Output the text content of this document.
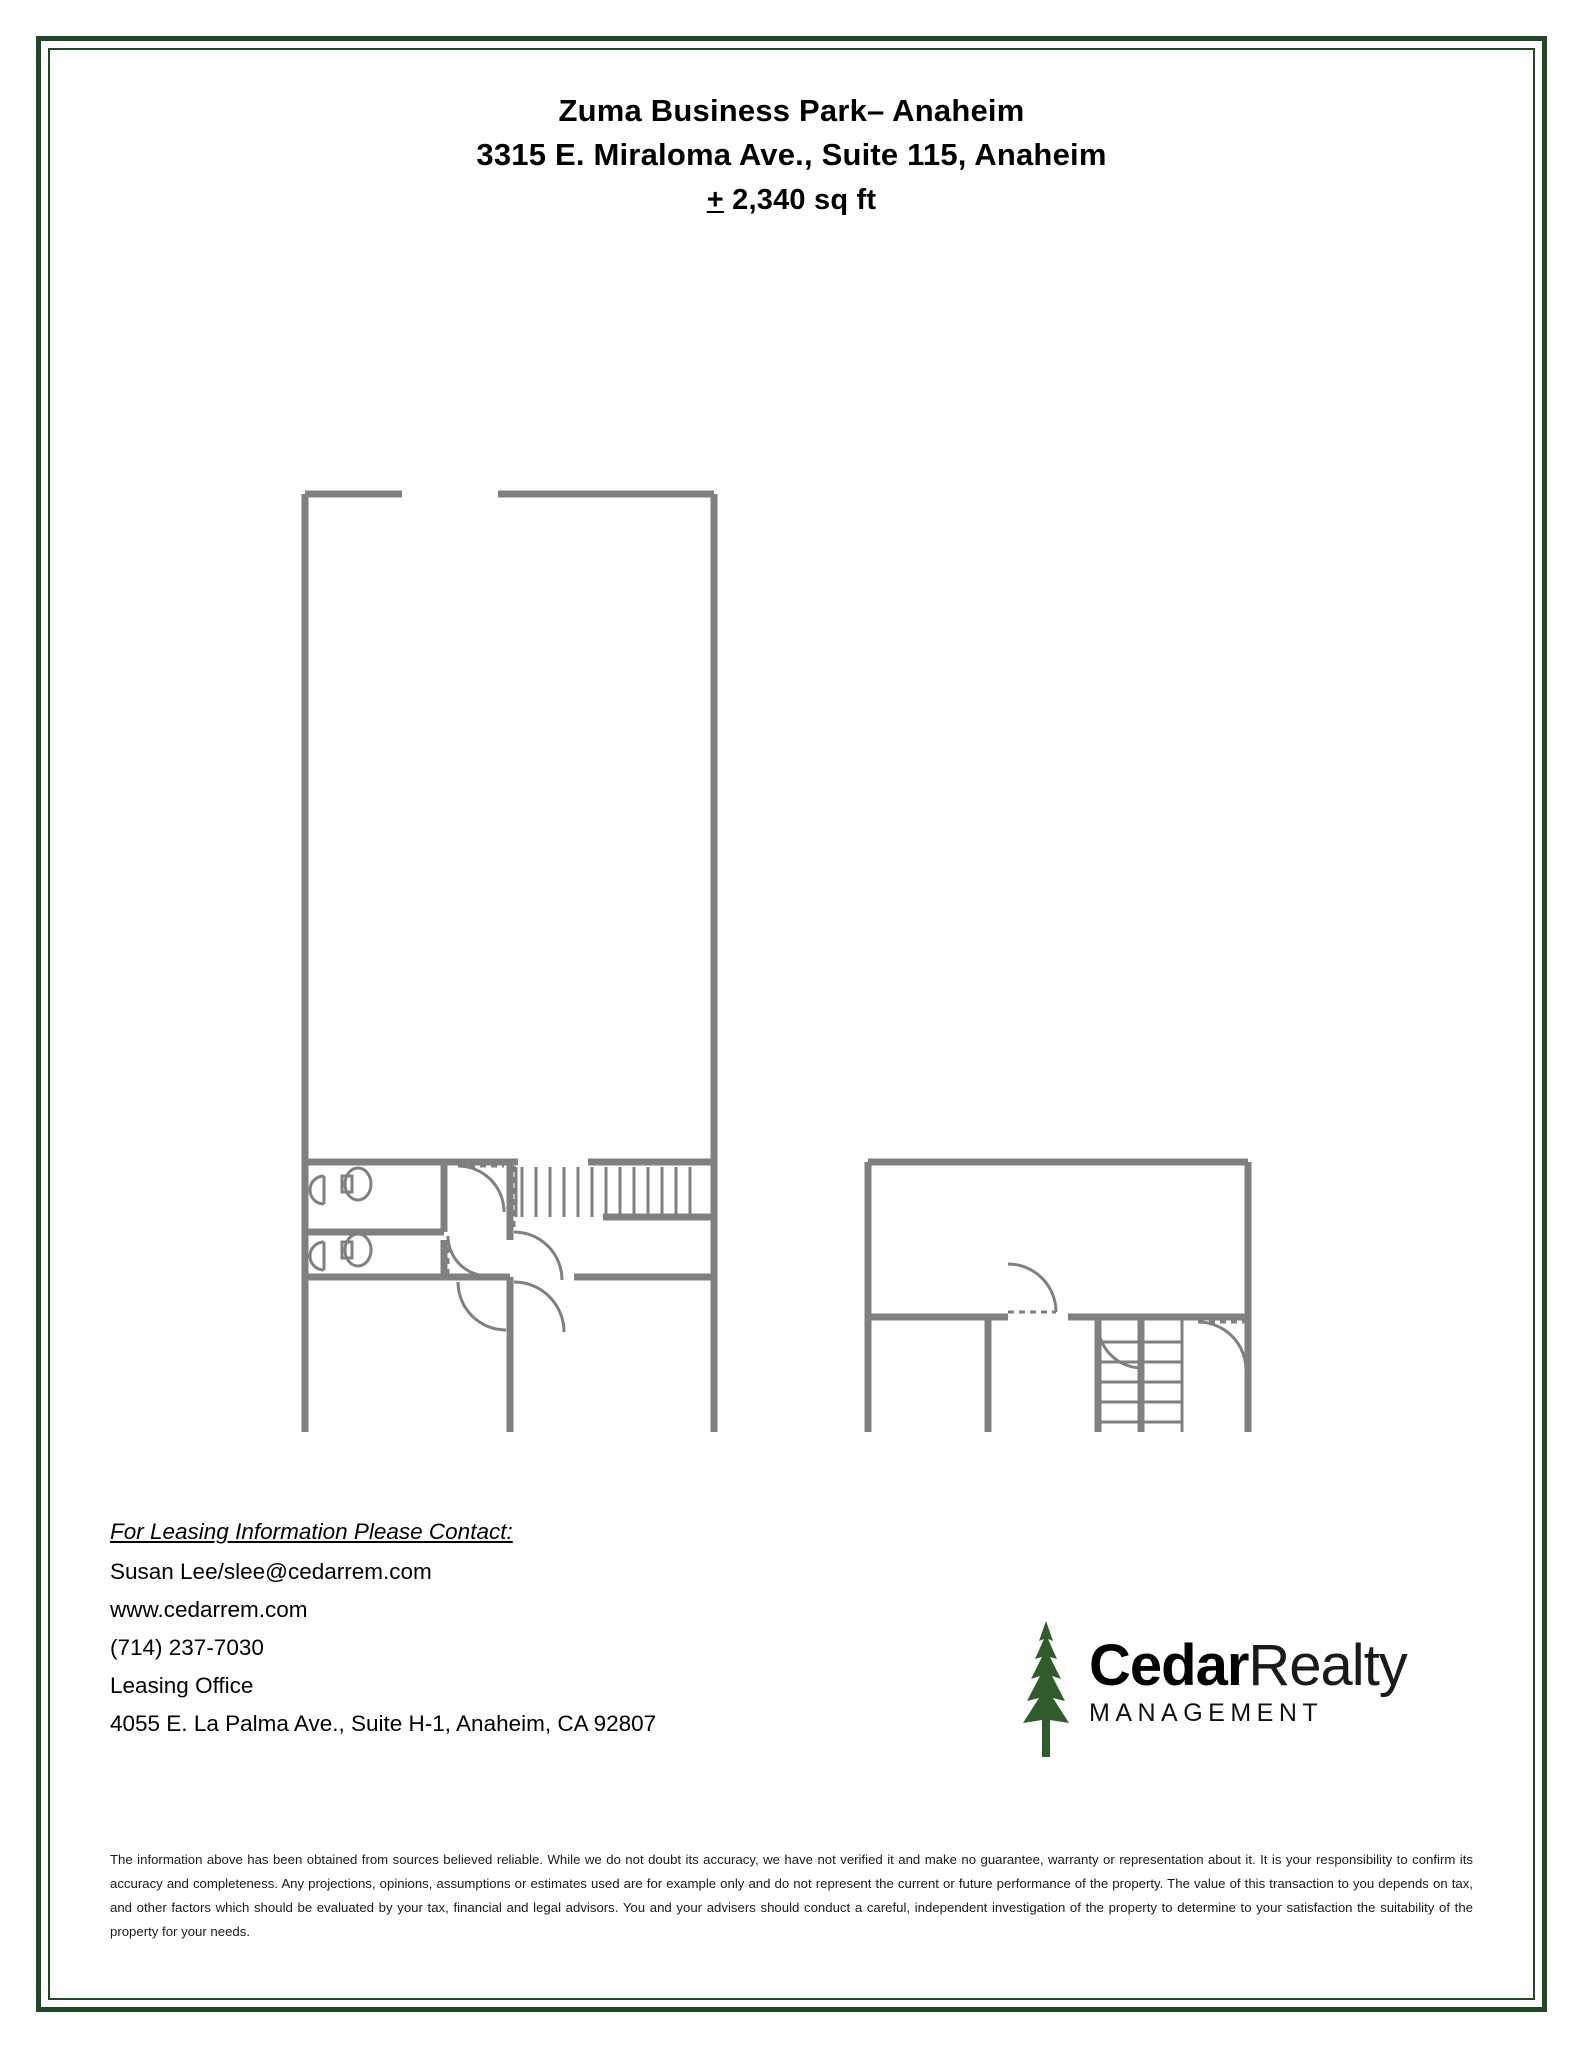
Zuma Business Park– Anaheim
3315 E. Miraloma Ave., Suite 115, Anaheim
+ 2,340 sq ft
For Leasing Information Please Contact:
Susan Lee/slee@cedarrem.com
www.cedarrem.com
(714) 237-7030
Leasing Office
4055 E. La Palma Ave., Suite H-1, Anaheim, CA 92807
CedarRealty
MANAGEMENT
The information above has been obtained from sources believed reliable. While we do not doubt its accuracy, we have not verified it and make no guarantee, warranty or representation about it. It is your responsibility to confirm its accuracy and completeness. Any projections, opinions, assumptions or estimates used are for example only and do not represent the current or future performance of the property. The value of this transaction to you depends on tax, and other factors which should be evaluated by your tax, financial and legal advisors. You and your advisers should conduct a careful, independent investigation of the property to determine to your satisfaction the suitability of the property for your needs.
